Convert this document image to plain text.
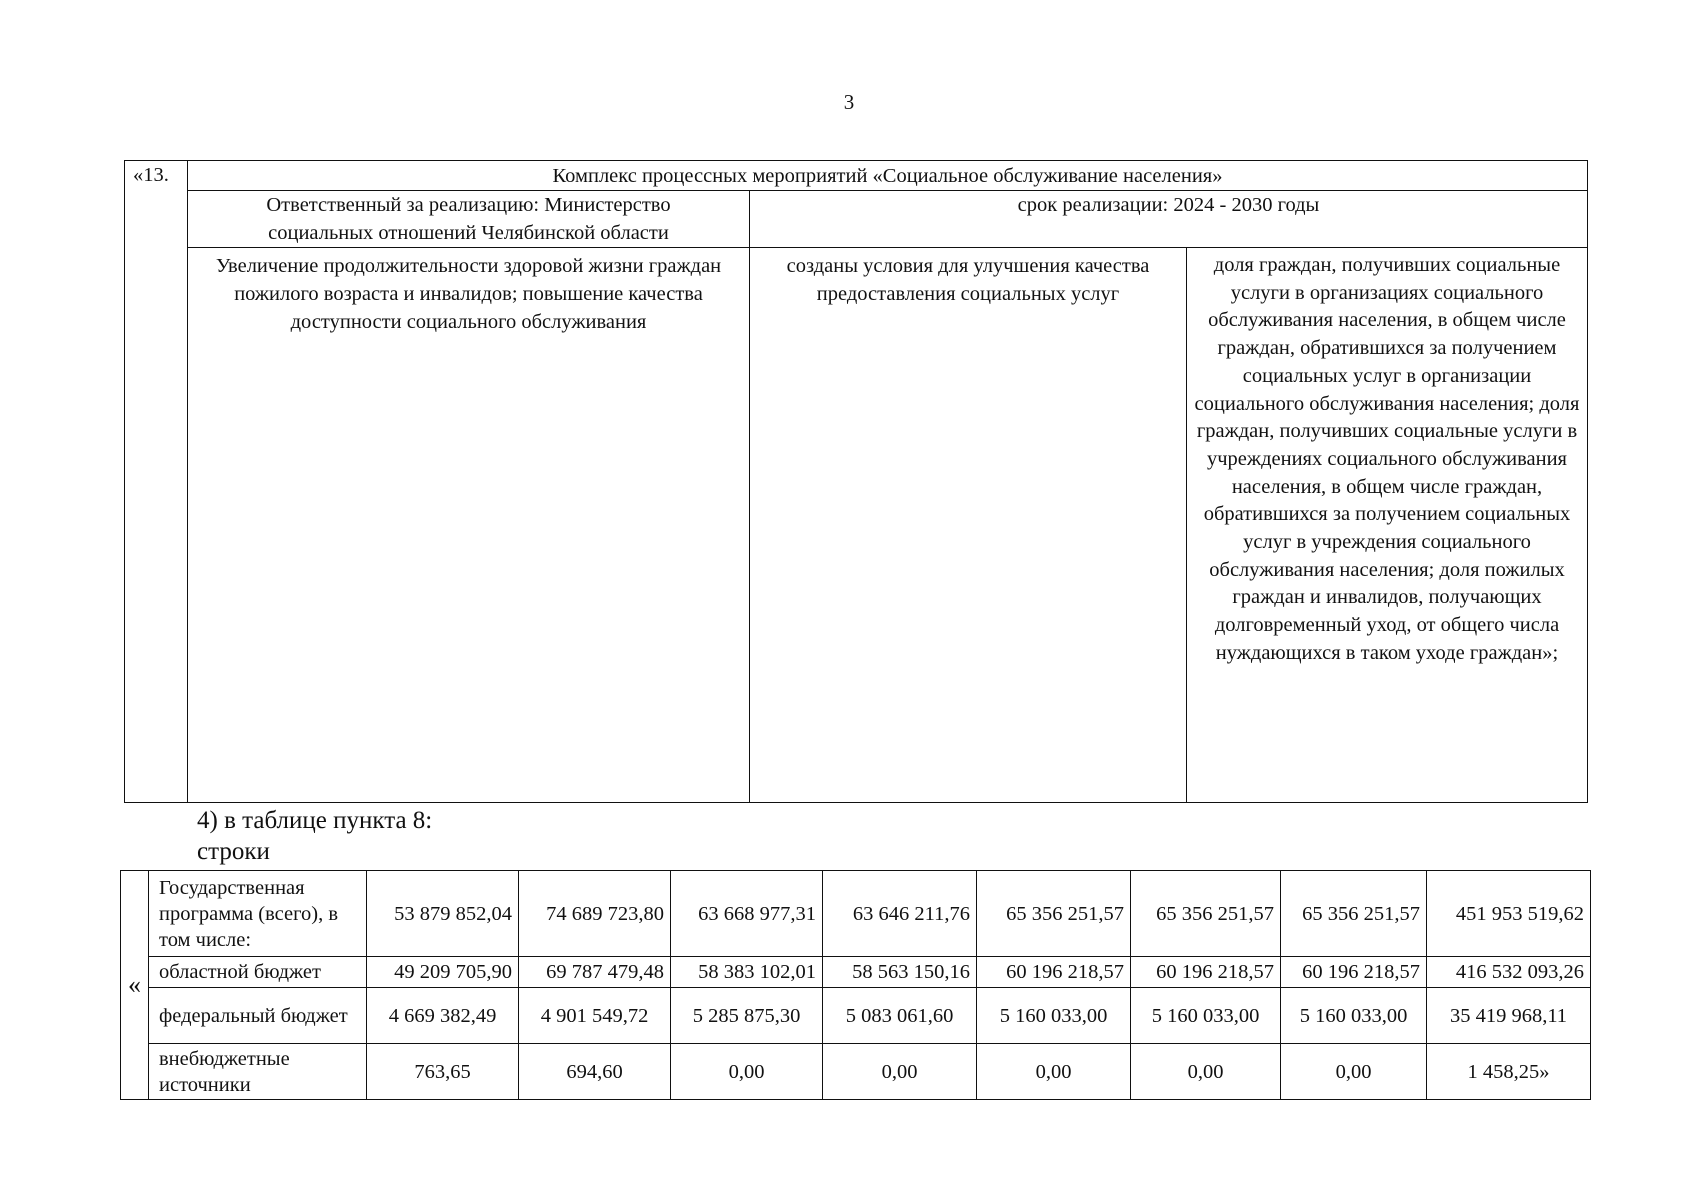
3
«13.	Комплекс процессных мероприятий «Социальное обслуживание населения»		
	Ответственный за реализацию: Министерство социальных отношений Челябинской области	срок реализации: 2024 - 2030 годы	
	Увеличение продолжительности здоровой жизни граждан пожилого возраста и инвалидов; повышение качества доступности социального обслуживания	созданы условия для улучшения качества предоставления социальных услуг	доля граждан, получивших социальные услуги в организациях социального обслуживания населения, в общем числе граждан, обратившихся за получением социальных услуг в организации социального обслуживания населения; доля граждан, получивших социальные услуги в учреждениях социального обслуживания населения, в общем числе граждан, обратившихся за получением социальных услуг в учреждения социального обслуживания населения; доля пожилых граждан и инвалидов, получающих долговременный уход, от общего числа нуждающихся в таком уходе граждан»;
4) в таблице пункта 8:
строки
«	Государственная программа (всего), в том числе:	53 879 852,04	74 689 723,80	63 668 977,31	63 646 211,76	65 356 251,57	65 356 251,57	65 356 251,57	451 953 519,62
	областной бюджет	49 209 705,90	69 787 479,48	58 383 102,01	58 563 150,16	60 196 218,57	60 196 218,57	60 196 218,57	416 532 093,26
	федеральный бюджет	4 669 382,49	4 901 549,72	5 285 875,30	5 083 061,60	5 160 033,00	5 160 033,00	5 160 033,00	35 419 968,11
	внебюджетные источники	763,65	694,60	0,00	0,00	0,00	0,00	0,00	1 458,25»
